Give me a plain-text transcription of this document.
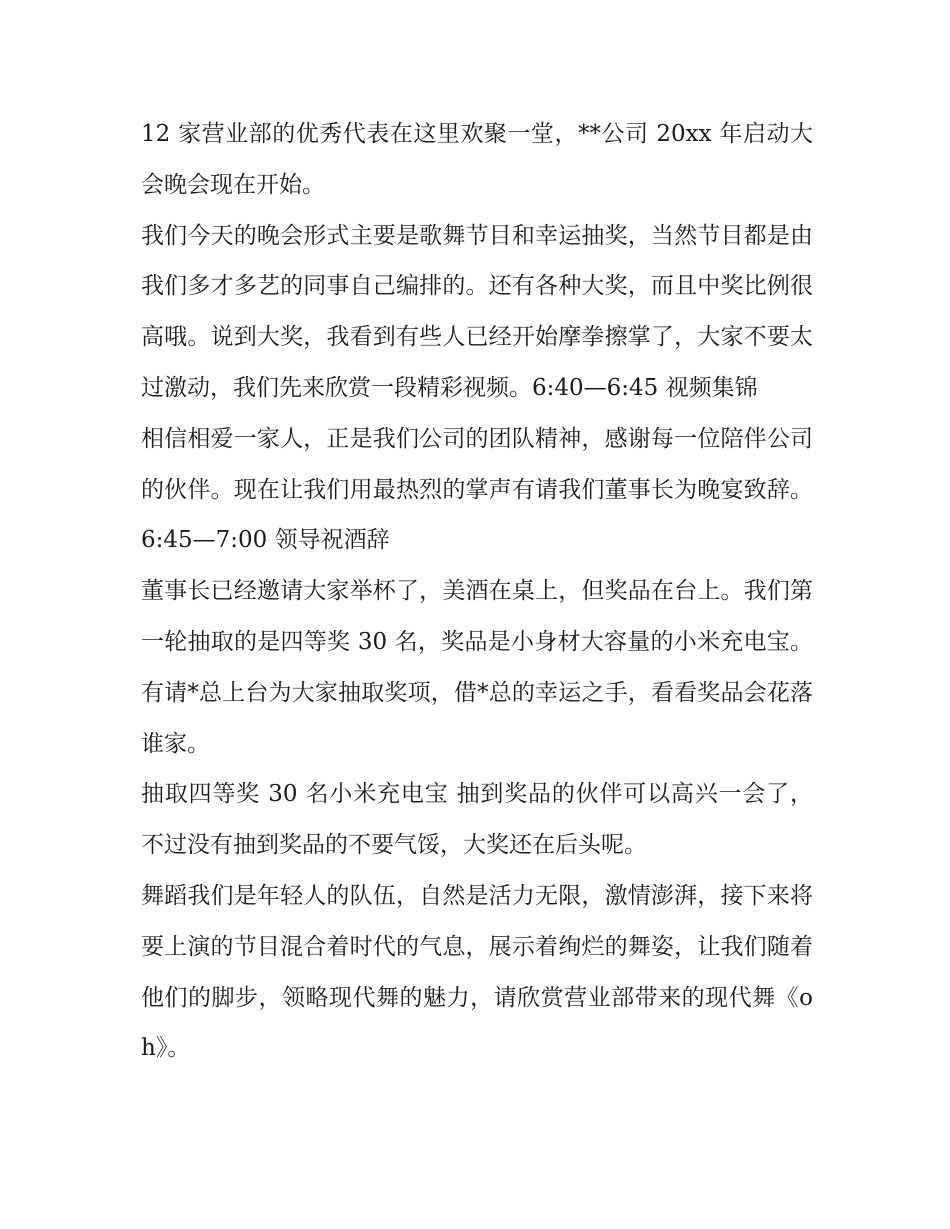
12 家营业部的优秀代表在这里欢聚一堂，**公司 20xx 年启动大会晚会现在开始。

我们今天的晚会形式主要是歌舞节目和幸运抽奖，当然节目都是由我们多才多艺的同事自己编排的。还有各种大奖，而且中奖比例很高哦。说到大奖，我看到有些人已经开始摩拳擦掌了，大家不要太过激动，我们先来欣赏一段精彩视频。6:40—6:45 视频集锦

相信相爱一家人，正是我们公司的团队精神，感谢每一位陪伴公司的伙伴。现在让我们用最热烈的掌声有请我们董事长为晚宴致辞。 6:45—7:00 领导祝酒辞

董事长已经邀请大家举杯了，美酒在桌上，但奖品在台上。我们第一轮抽取的是四等奖 30 名，奖品是小身材大容量的小米充电宝。有请*总上台为大家抽取奖项，借*总的幸运之手，看看奖品会花落谁家。

抽取四等奖 30 名小米充电宝 抽到奖品的伙伴可以高兴一会了，不过没有抽到奖品的不要气馁，大奖还在后头呢。

舞蹈我们是年轻人的队伍，自然是活力无限，激情澎湃，接下来将要上演的节目混合着时代的气息，展示着绚烂的舞姿，让我们随着他们的脚步，领略现代舞的魅力，请欣赏营业部带来的现代舞《oh》。
